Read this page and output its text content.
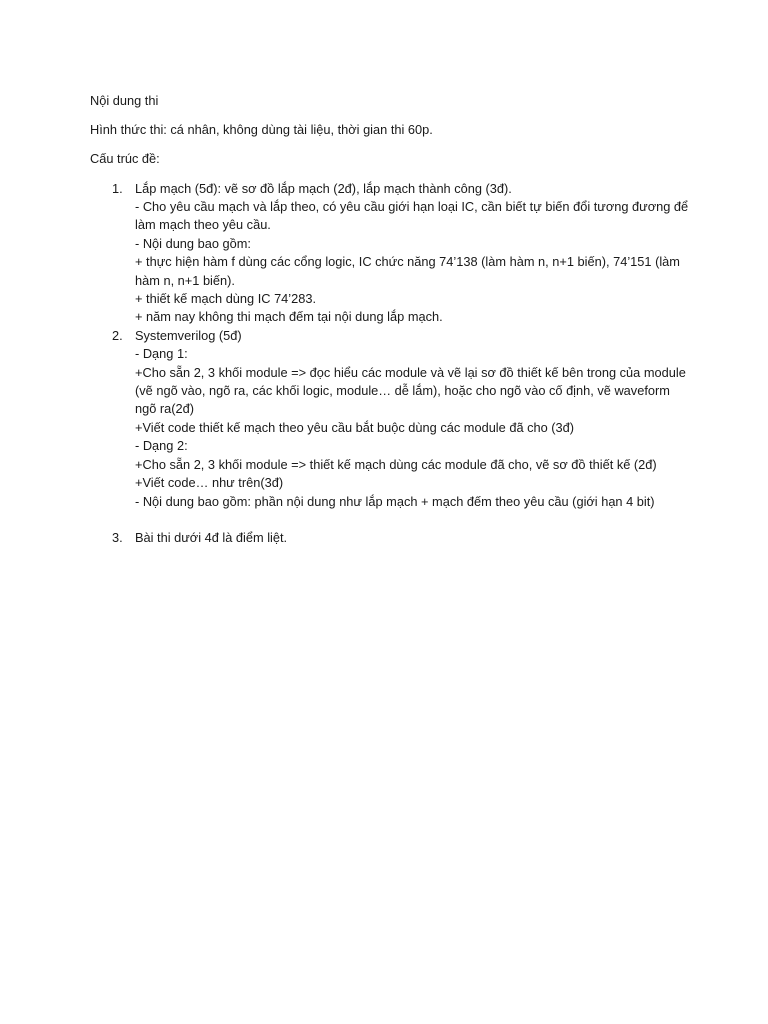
Nội dung thi

Hình thức thi: cá nhân, không dùng tài liệu, thời gian thi 60p.

Cấu trúc đề:

1. Lắp mạch (5đ): vẽ sơ đồ lắp mạch (2đ), lắp mạch thành công (3đ).
- Cho yêu cầu mạch và lắp theo, có yêu cầu giới hạn loại IC, cần biết tự biến đổi tương đương để làm mạch theo yêu cầu.
- Nội dung bao gồm:
+ thực hiện hàm f dùng các cổng logic, IC chức năng 74’138 (làm hàm n, n+1 biến), 74’151 (làm hàm n, n+1 biến).
+ thiết kế mạch dùng IC 74’283.
+ năm nay không thi mạch đếm tại nội dung lắp mạch.
2. Systemverilog (5đ)
- Dạng 1:
+Cho sẵn 2, 3 khối module => đọc hiểu các module và vẽ lại sơ đồ thiết kế bên trong của module (vẽ ngõ vào, ngõ ra, các khối logic, module… dễ lắm), hoặc cho ngõ vào cố định, vẽ waveform ngõ ra(2đ)
+Viết code thiết kế mạch theo yêu cầu bắt buộc dùng các module đã cho (3đ)
- Dạng 2:
+Cho sẵn 2, 3 khối module => thiết kế mạch dùng các module đã cho, vẽ sơ đồ thiết kế (2đ)
+Viết code… như trên(3đ)
- Nội dung bao gồm: phần nội dung như lắp mạch + mạch đếm theo yêu cầu (giới hạn 4 bit)
3. Bài thi dưới 4đ là điểm liệt.
